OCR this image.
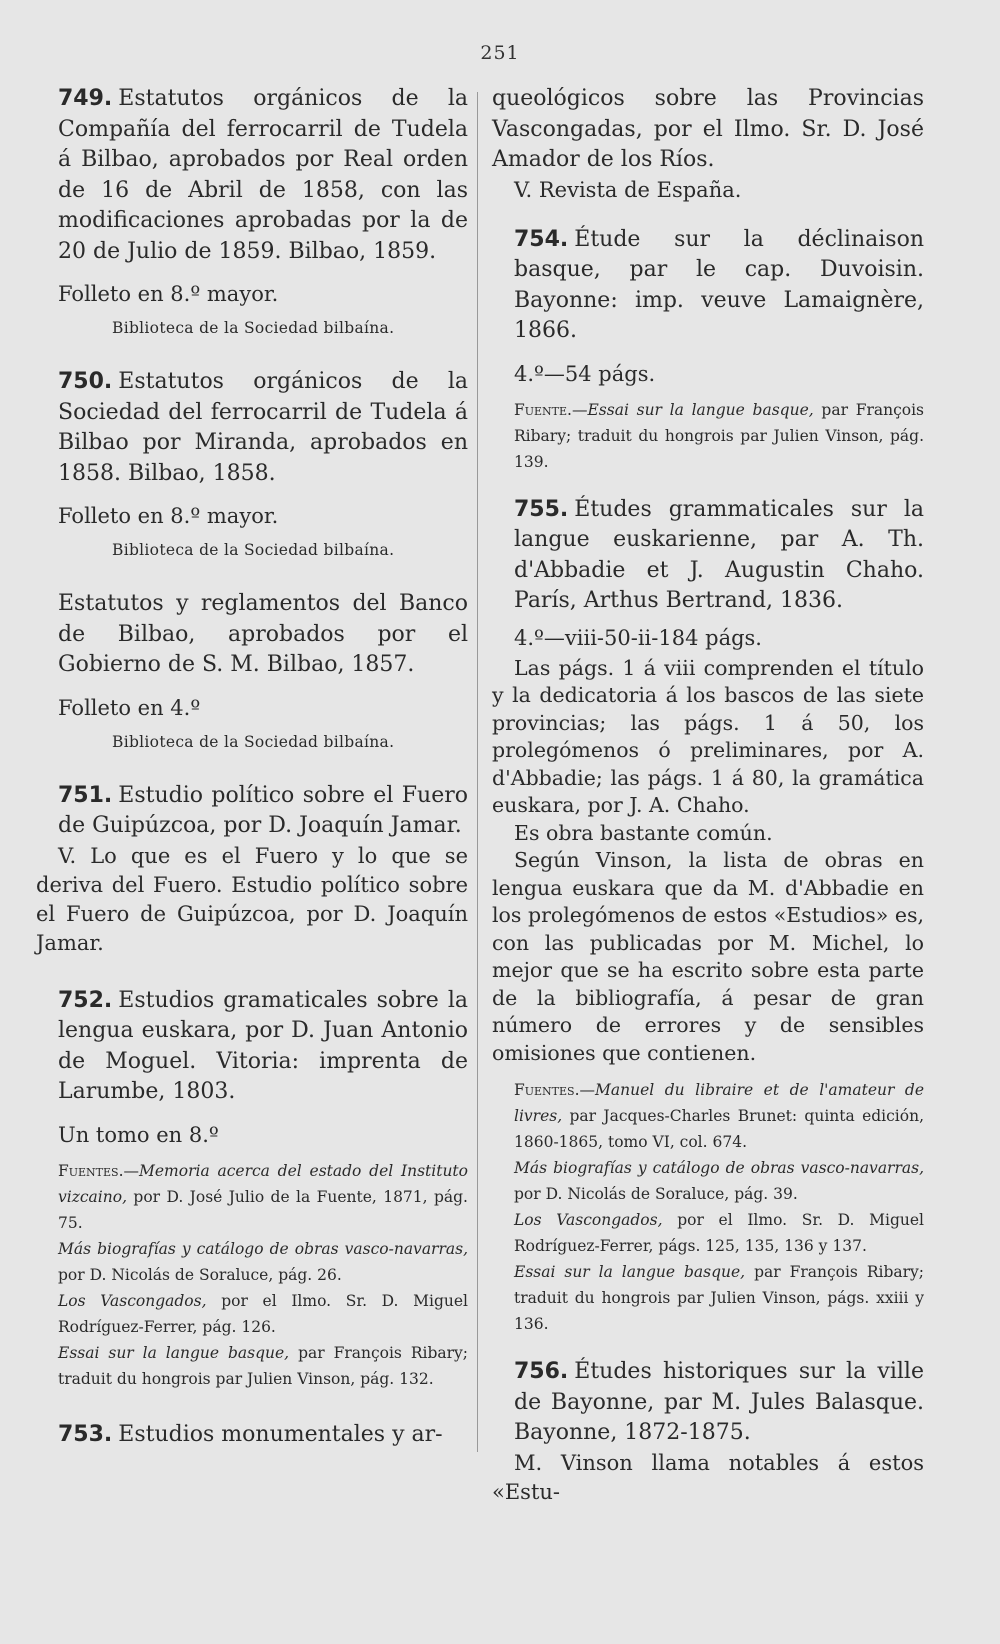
251

749. Estatutos orgánicos de la Compañía del ferrocarril de Tudela á Bilbao, aprobados por Real orden de 16 de Abril de 1858, con las modificaciones aprobadas por la de 20 de Julio de 1859. Bilbao, 1859.

Folleto en 8.º mayor.

Biblioteca de la Sociedad bilbaína.

750. Estatutos orgánicos de la Sociedad del ferrocarril de Tudela á Bilbao por Miranda, aprobados en 1858. Bilbao, 1858.

Folleto en 8.º mayor.

Biblioteca de la Sociedad bilbaína.

Estatutos y reglamentos del Banco de Bilbao, aprobados por el Gobierno de S. M. Bilbao, 1857.

Folleto en 4.º

Biblioteca de la Sociedad bilbaína.

751. Estudio político sobre el Fuero de Guipúzcoa, por D. Joaquín Jamar.

V. Lo que es el Fuero y lo que se deriva del Fuero. Estudio político sobre el Fuero de Guipúzcoa, por D. Joaquín Jamar.

752. Estudios gramaticales sobre la lengua euskara, por D. Juan Antonio de Moguel. Vitoria: imprenta de Larumbe, 1803.

Un tomo en 8.º

Fuentes.—Memoria acerca del estado del Instituto vizcaino, por D. José Julio de la Fuente, 1871, pág. 75.

Más biografías y catálogo de obras vasco-navarras, por D. Nicolás de Soraluce, pág. 26.

Los Vascongados, por el Ilmo. Sr. D. Miguel Rodríguez-Ferrer, pág. 126.

Essai sur la langue basque, par François Ribary; traduit du hongrois par Julien Vinson, pág. 132.

753. Estudios monumentales y ar-

queológicos sobre las Provincias Vascongadas, por el Ilmo. Sr. D. José Amador de los Ríos.

V. Revista de España.

754. Étude sur la déclinaison basque, par le cap. Duvoisin. Bayonne: imp. veuve Lamaignère, 1866.

4.º—54 págs.

Fuente.—Essai sur la langue basque, par François Ribary; traduit du hongrois par Julien Vinson, pág. 139.

755. Études grammaticales sur la langue euskarienne, par A. Th. d'Abbadie et J. Augustin Chaho. París, Arthus Bertrand, 1836.

4.º—viii-50-ii-184 págs.

Las págs. 1 á viii comprenden el título y la dedicatoria á los bascos de las siete provincias; las págs. 1 á 50, los prolegómenos ó preliminares, por A. d'Abbadie; las págs. 1 á 80, la gramática euskara, por J. A. Chaho.

Es obra bastante común.

Según Vinson, la lista de obras en lengua euskara que da M. d'Abbadie en los prolegómenos de estos «Estudios» es, con las publicadas por M. Michel, lo mejor que se ha escrito sobre esta parte de la bibliografía, á pesar de gran número de errores y de sensibles omisiones que contienen.

Fuentes.—Manuel du libraire et de l'amateur de livres, par Jacques-Charles Brunet: quinta edición, 1860-1865, tomo VI, col. 674.

Más biografías y catálogo de obras vasco-navarras, por D. Nicolás de Soraluce, pág. 39.

Los Vascongados, por el Ilmo. Sr. D. Miguel Rodríguez-Ferrer, págs. 125, 135, 136 y 137.

Essai sur la langue basque, par François Ribary; traduit du hongrois par Julien Vinson, págs. xxiii y 136.

756. Études historiques sur la ville de Bayonne, par M. Jules Balasque. Bayonne, 1872-1875.

M. Vinson llama notables á estos «Estu-
